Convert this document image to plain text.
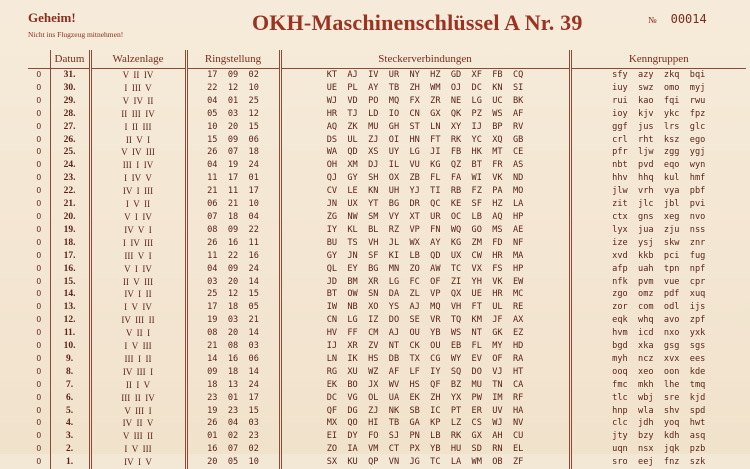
Geheim!
Nicht ins Flugzeug mitnehmen!	OKH-Maschinenschlüssel A Nr. 39	№ 00014
	Datum	Walzenlage	Ringstellung	Steckerverbindungen	Kenngruppen
O	31.	V  II  IV	17  09  02	KT  AJ  IV  UR  NY  HZ  GD  XF  FB  CQ	sfy  azy  zkq  bqi
O	30.	I  III  V	22  12  10	UE  PL  AY  TB  ZH  WM  OJ  DC  KN  SI	iuy  swz  omo  myj
O	29.	V  IV  II	04  01  25	WJ  VD  PO  MQ  FX  ZR  NE  LG  UC  BK	rui  kao  fqi  rwu
O	28.	II  III  IV	05  03  12	HR  TJ  LD  IO  CN  GX  QK  PZ  WS  AF	ioy  kjv  ykc  fpz
O	27.	I  II  III	10  20  15	AQ  ZK  MU  GH  ST  LN  XY  IJ  BP  RV	ggf  jus  lrs  glc
O	26.	II  V  I	15  09  06	DS  UL  ZJ  OI  HN  FT  RK  YC  XQ  GB	crl  rht  ksz  ego
O	25.	V  IV  III	26  07  18	WA  QD  XS  UY  LG  JI  FB  HK  MT  CE	pfr  ljw  zgg  ygj
O	24.	III  I  IV	04  19  24	OH  XM  DJ  IL  VU  KG  QZ  BT  FR  AS	nbt  pvd  eqo  wyn
O	23.	I  IV  V	11  17  01	QJ  GY  SH  OX  ZB  FL  FA  WI  VK  ND	hhv  hhq  kul  hmf
O	22.	IV  I  III	21  11  17	CV  LE  KN  UH  YJ  TI  RB  FZ  PA  MO	jlw  vrh  vya  pbf
O	21.	I  V  II	06  21  10	JN  UX  YT  BG  DR  QC  KE  SF  HZ  LA	zit  jlc  jbl  pvi
O	20.	V  I  IV	07  18  04	ZG  NW  SM  VY  XT  UR  OC  LB  AQ  HP	ctx  gns  xeg  nvo
O	19.	IV  V  I	08  09  22	IY  KL  BL  RZ  VP  FN  WQ  GO  MS  AE	lyx  jua  zju  nss
O	18.	I  IV  III	26  16  11	BU  TS  VH  JL  WX  AY  KG  ZM  FD  NF	ize  ysj  skw  znr
O	17.	III  V  I	11  22  16	GY  JN  SF  KI  LB  QD  UX  CW  HR  MA	xvd  kkb  pci  fug
O	16.	V  I  IV	04  09  24	QL  EY  BG  MN  ZO  AW  TC  VX  FS  HP	afp  uah  tpn  npf
O	15.	II  V  III	03  20  14	JD  BM  XR  LG  FC  OF  ZI  YH  VK  EW	nfk  pvm  vue  cpr
O	14.	IV  I  II	25  12  15	BT  OW  SN  DA  ZL  VP  QX  UE  HR  MC	zgo  omz  pdf  xuq
O	13.	I  V  IV	17  18  05	IW  NB  XO  YS  AJ  MQ  VH  FT  UL  RE	zor  com  odl  ijs
O	12.	IV  III  II	19  03  21	CN  LG  IZ  DO  SE  VR  TQ  KM  JF  AX	eqk  whq  avo  zpf
O	11.	V  II  I	08  20  14	HV  FF  CM  AJ  OU  YB  WS  NT  GK  EZ	hvm  icd  nxo  yxk
O	10.	I  V  III	21  08  03	IJ  XR  ZV  NT  CK  OU  EB  FL  MY  HD	bgd  xka  gsg  sgs
O	9.	III  I  II	14  16  06	LN  IK  HS  DB  TX  CG  WY  EV  OF  RA	myh  ncz  xvx  ees
O	8.	IV  III  I	09  18  14	RG  XU  WZ  AF  LF  IY  SQ  DO  VJ  HT	ooq  xeo  oon  kde
O	7.	II  I  V	18  13  24	EK  BO  JX  WV  HS  QF  BZ  MU  TN  CA	fmc  mkh  lhe  tmq
O	6.	III  II  IV	23  01  17	DC  VG  OL  UA  EK  ZH  YX  PW  IM  RF	tlc  wbj  sre  kjd
O	5.	V  III  I	19  23  15	QF  DG  ZJ  NK  SB  IC  PT  ER  UV  HA	hnp  wla  shv  spd
O	4.	IV  II  V	26  04  03	MX  QO  HI  TB  GA  KP  LZ  CS  WJ  NV	clc  jdh  yoq  hwt
O	3.	V  III  II	01  02  23	EI  DY  FO  SJ  PN  LB  RK  GX  AH  CU	jty  bzy  kdh  asq
O	2.	I  V  III	16  07  02	ZO  IA  VM  CT  PX  YB  HU  SD  RN  EL	uqn  nsx  jqk  pzb
O	1.	IV  I  V	20  05  10	SX  KU  QP  VN  JG  TC  LA  WM  OB  ZF	sro  eej  fnz  szk
